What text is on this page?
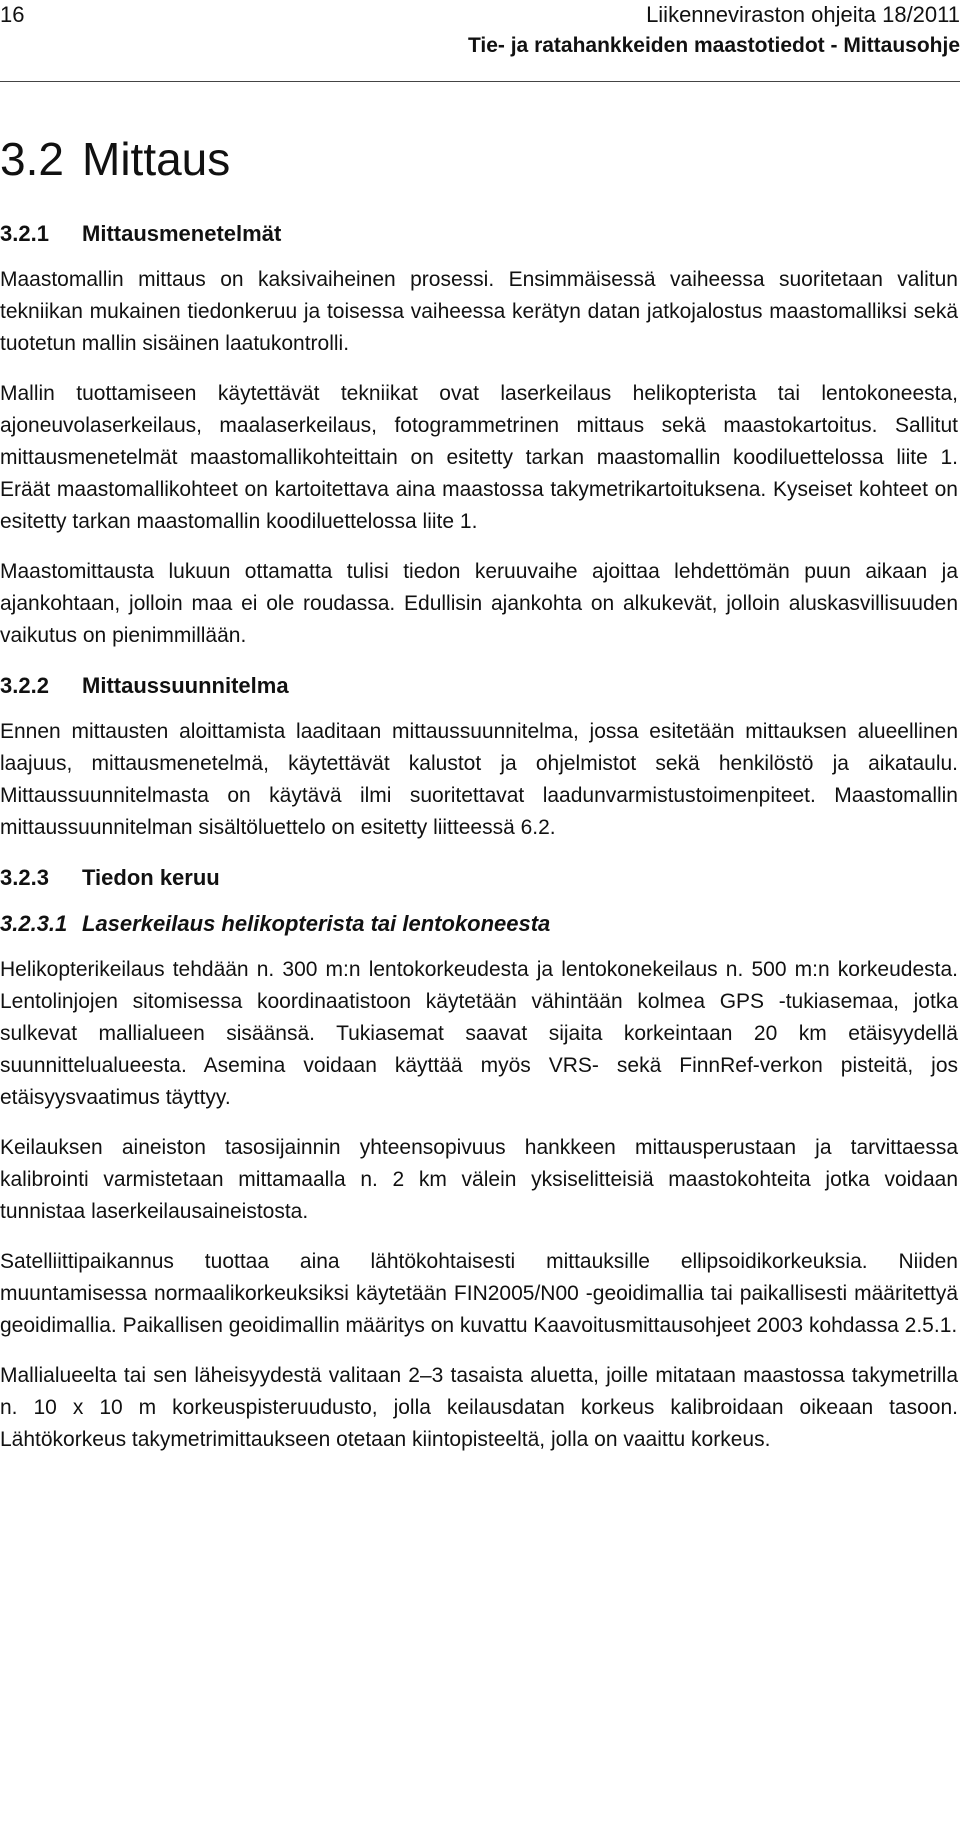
16	Liikenneviraston ohjeita 18/2011
Tie- ja ratahankkeiden maastotiedot - Mittausohje
3.2 Mittaus
3.2.1 Mittausmenetelmät

Maastomallin mittaus on kaksivaiheinen prosessi. Ensimmäisessä vaiheessa suoritetaan valitun tekniikan mukainen tiedonkeruu ja toisessa vaiheessa kerätyn datan jatkojalostus maastomalliksi sekä tuotetun mallin sisäinen laatukontrolli.

Mallin tuottamiseen käytettävät tekniikat ovat laserkeilaus helikopterista tai lentokoneesta, ajoneuvolaserkeilaus, maalaserkeilaus, fotogrammetrinen mittaus sekä maastokartoitus. Sallitut mittausmenetelmät maastomallikohteittain on esitetty tarkan maastomallin koodiluettelossa liite 1. Eräät maastomallikohteet on kartoitettava aina maastossa takymetrikartoituksena. Kyseiset kohteet on esitetty tarkan maastomallin koodiluettelossa liite 1.

Maastomittausta lukuun ottamatta tulisi tiedon keruuvaihe ajoittaa lehdettömän puun aikaan ja ajankohtaan, jolloin maa ei ole roudassa. Edullisin ajankohta on alkukevät, jolloin aluskasvillisuuden vaikutus on pienimmillään.

3.2.2 Mittaussuunnitelma

Ennen mittausten aloittamista laaditaan mittaussuunnitelma, jossa esitetään mittauksen alueellinen laajuus, mittausmenetelmä, käytettävät kalustot ja ohjelmistot sekä henkilöstö ja aikataulu. Mittaussuunnitelmasta on käytävä ilmi suoritettavat laadunvarmistustoimenpiteet. Maastomallin mittaussuunnitelman sisältöluettelo on esitetty liitteessä 6.2.

3.2.3 Tiedon keruu
3.2.3.1 Laserkeilaus helikopterista tai lentokoneesta

Helikopterikeilaus tehdään n. 300 m:n lentokorkeudesta ja lentokonekeilaus n. 500 m:n korkeudesta. Lentolinjojen sitomisessa koordinaatistoon käytetään vähintään kolmea GPS -tukiasemaa, jotka sulkevat mallialueen sisäänsä. Tukiasemat saavat sijaita korkeintaan 20 km etäisyydellä suunnittelualueesta. Asemina voidaan käyttää myös VRS- sekä FinnRef-verkon pisteitä, jos etäisyysvaatimus täyttyy.

Keilauksen aineiston tasosijainnin yhteensopivuus hankkeen mittausperustaan ja tarvittaessa kalibrointi varmistetaan mittamaalla n. 2 km välein yksiselitteisiä maastokohteita jotka voidaan tunnistaa laserkeilausaineistosta.

Satelliittipaikannus tuottaa aina lähtökohtaisesti mittauksille ellipsoidikorkeuksia. Niiden muuntamisessa normaalikorkeuksiksi käytetään FIN2005/N00 -geoidimallia tai paikallisesti määritettyä geoidimallia. Paikallisen geoidimallin määritys on kuvattu Kaavoitusmittausohjeet 2003 kohdassa 2.5.1.

Mallialueelta tai sen läheisyydestä valitaan 2–3 tasaista aluetta, joille mitataan maastossa takymetrilla n. 10 x 10 m korkeuspisteruudusto, jolla keilausdatan korkeus kalibroidaan oikeaan tasoon. Lähtökorkeus takymetrimittaukseen otetaan kiintopisteeltä, jolla on vaaittu korkeus.
